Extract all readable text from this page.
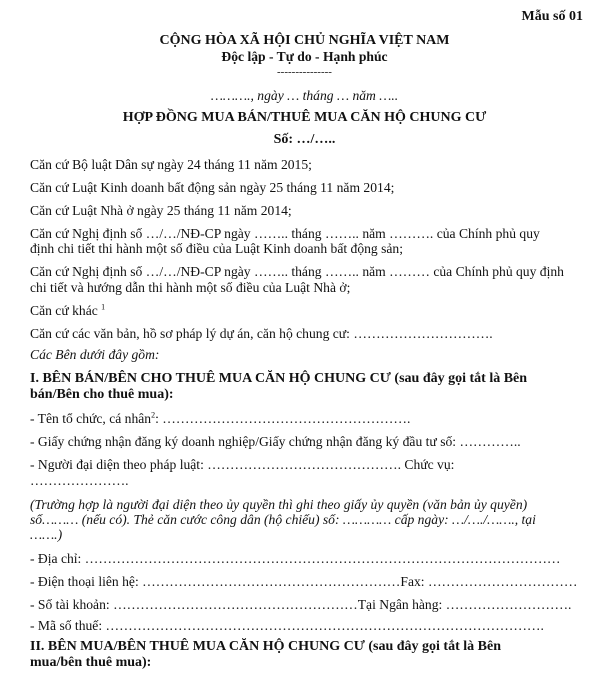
Mẫu số 01
CỘNG HÒA XÃ HỘI CHỦ NGHĨA VIỆT NAM
Độc lập - Tự do - Hạnh phúc
---------------
………., ngày … tháng … năm …..
HỢP ĐỒNG MUA BÁN/THUÊ MUA CĂN HỘ CHUNG CƯ
Số: …/…..
Căn cứ Bộ luật Dân sự ngày 24 tháng 11 năm 2015;
Căn cứ Luật Kinh doanh bất động sản ngày 25 tháng 11 năm 2014;
Căn cứ Luật Nhà ở ngày 25 tháng 11 năm 2014;
Căn cứ Nghị định số …/…/NĐ-CP ngày …….. tháng …….. năm ………. của Chính phủ quy
định chi tiết thi hành một số điều của Luật Kinh doanh bất động sản;
Căn cứ Nghị định số …/…/NĐ-CP ngày …….. tháng …….. năm ……… của Chính phủ quy định
chi tiết và hướng dẫn thi hành một số điều của Luật Nhà ở;
Căn cứ khác $^1$
Căn cứ các văn bản, hồ sơ pháp lý dự án, căn hộ chung cư: ………………………….
Các Bên dưới đây gồm:
I. BÊN BÁN/BÊN CHO THUÊ MUA CĂN HỘ CHUNG CƯ (sau đây gọi tắt là Bên
bán/Bên cho thuê mua):
- Tên tổ chức, cá nhân$^2$: ……………………………………………….
- Giấy chứng nhận đăng ký doanh nghiệp/Giấy chứng nhận đăng ký đầu tư số: …………..
- Người đại diện theo pháp luật: ……………………………………. Chức vụ:
………………….
(Trường hợp là người đại diện theo ủy quyền thì ghi theo giấy ủy quyền (văn bản ủy quyền)
số……… (nếu có). Thẻ căn cước công dân (hộ chiếu) số: ………… cấp ngày: …/…./……., tại
…….)
- Địa chỉ: ……………………………………………………………………………………………
- Điện thoại liên hệ: …………………………………………………Fax: ……………………………
- Số tài khoản: ………………………………………………Tại Ngân hàng: ……………………….
- Mã số thuế: …………………………………………………………………………………….
II. BÊN MUA/BÊN THUÊ MUA CĂN HỘ CHUNG CƯ (sau đây gọi tắt là Bên
mua/bên thuê mua):
